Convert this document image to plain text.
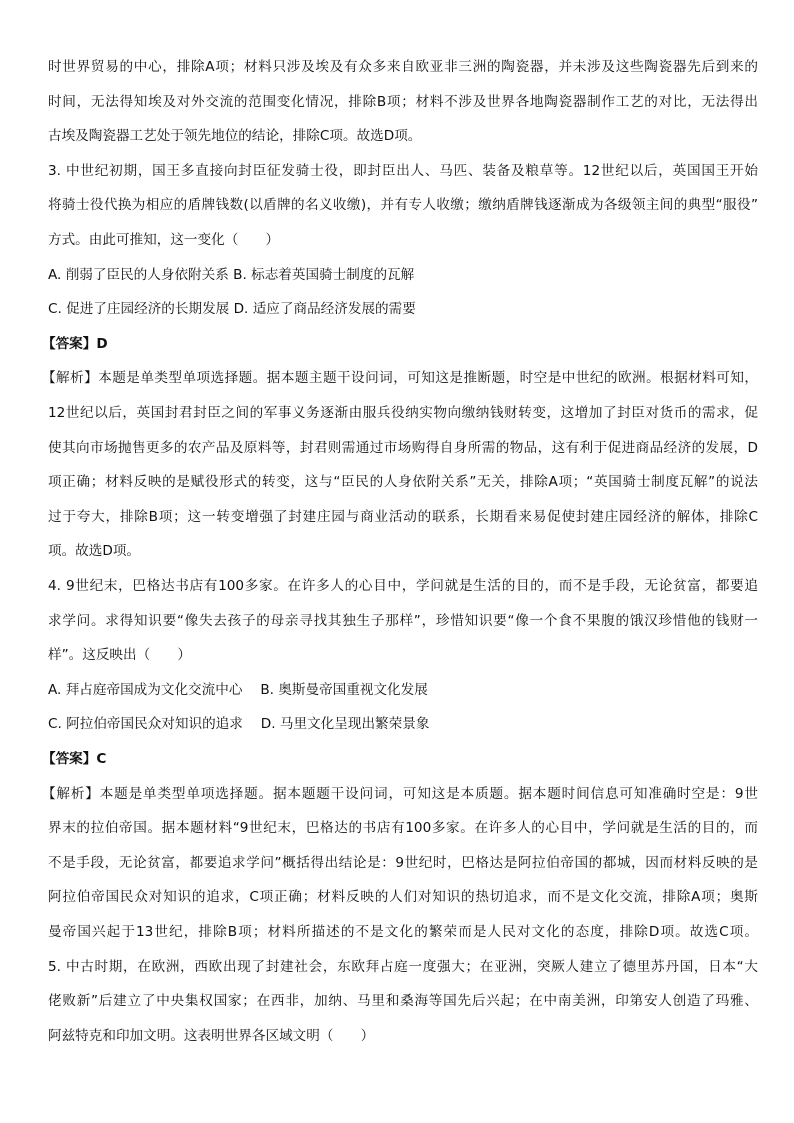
时世界贸易的中心，排除A项；材料只涉及埃及有众多来自欧亚非三洲的陶瓷器，并未涉及这些陶瓷器先后到来的
时间，无法得知埃及对外交流的范围变化情况，排除B项；材料不涉及世界各地陶瓷器制作工艺的对比，无法得出
古埃及陶瓷器工艺处于领先地位的结论，排除C项。故选D项。
3. 中世纪初期，国王多直接向封臣征发骑士役，即封臣出人、马匹、装备及粮草等。12世纪以后，英国国王开始
将骑士役代换为相应的盾牌钱数(以盾牌的名义收缴)，并有专人收缴；缴纳盾牌钱逐渐成为各级领主间的典型“服役”
方式。由此可推知，这一变化（　　）
A. 削弱了臣民的人身依附关系 B. 标志着英国骑士制度的瓦解
C. 促进了庄园经济的长期发展 D. 适应了商品经济发展的需要
【答案】D
【解析】本题是单类型单项选择题。据本题主题干设问词，可知这是推断题，时空是中世纪的欧洲。根据材料可知，
12世纪以后，英国封君封臣之间的军事义务逐渐由服兵役纳实物向缴纳钱财转变，这增加了封臣对货币的需求，促
使其向市场抛售更多的农产品及原料等，封君则需通过市场购得自身所需的物品，这有利于促进商品经济的发展，D
项正确；材料反映的是赋役形式的转变，这与“臣民的人身依附关系”无关，排除A项；“英国骑士制度瓦解”的说法
过于夸大，排除B项；这一转变增强了封建庄园与商业活动的联系，长期看来易促使封建庄园经济的解体，排除C
项。故选D项。
4. 9世纪末，巴格达书店有100多家。在许多人的心目中，学问就是生活的目的，而不是手段，无论贫富，都要追
求学问。求得知识要“像失去孩子的母亲寻找其独生子那样”，珍惜知识要“像一个食不果腹的饿汉珍惜他的钱财一
样”。这反映出（　　）
A. 拜占庭帝国成为文化交流中心　 B. 奥斯曼帝国重视文化发展
C. 阿拉伯帝国民众对知识的追求　 D. 马里文化呈现出繁荣景象
【答案】C
【解析】本题是单类型单项选择题。据本题题干设问词，可知这是本质题。据本题时间信息可知准确时空是：9世
界末的拉伯帝国。据本题材料“9世纪末，巴格达的书店有100多家。在许多人的心目中，学问就是生活的目的，而
不是手段，无论贫富，都要追求学问”概括得出结论是：9世纪时，巴格达是阿拉伯帝国的都城，因而材料反映的是
阿拉伯帝国民众对知识的追求，C项正确；材料反映的人们对知识的热切追求，而不是文化交流，排除A项；奥斯
曼帝国兴起于13世纪，排除B项；材料所描述的不是文化的繁荣而是人民对文化的态度，排除D项。故选C项。
5. 中古时期，在欧洲，西欧出现了封建社会，东欧拜占庭一度强大；在亚洲，突厥人建立了德里苏丹国，日本“大
佬败新”后建立了中央集权国家；在西非，加纳、马里和桑海等国先后兴起；在中南美洲，印第安人创造了玛雅、
阿兹特克和印加文明。这表明世界各区域文明（　　）
